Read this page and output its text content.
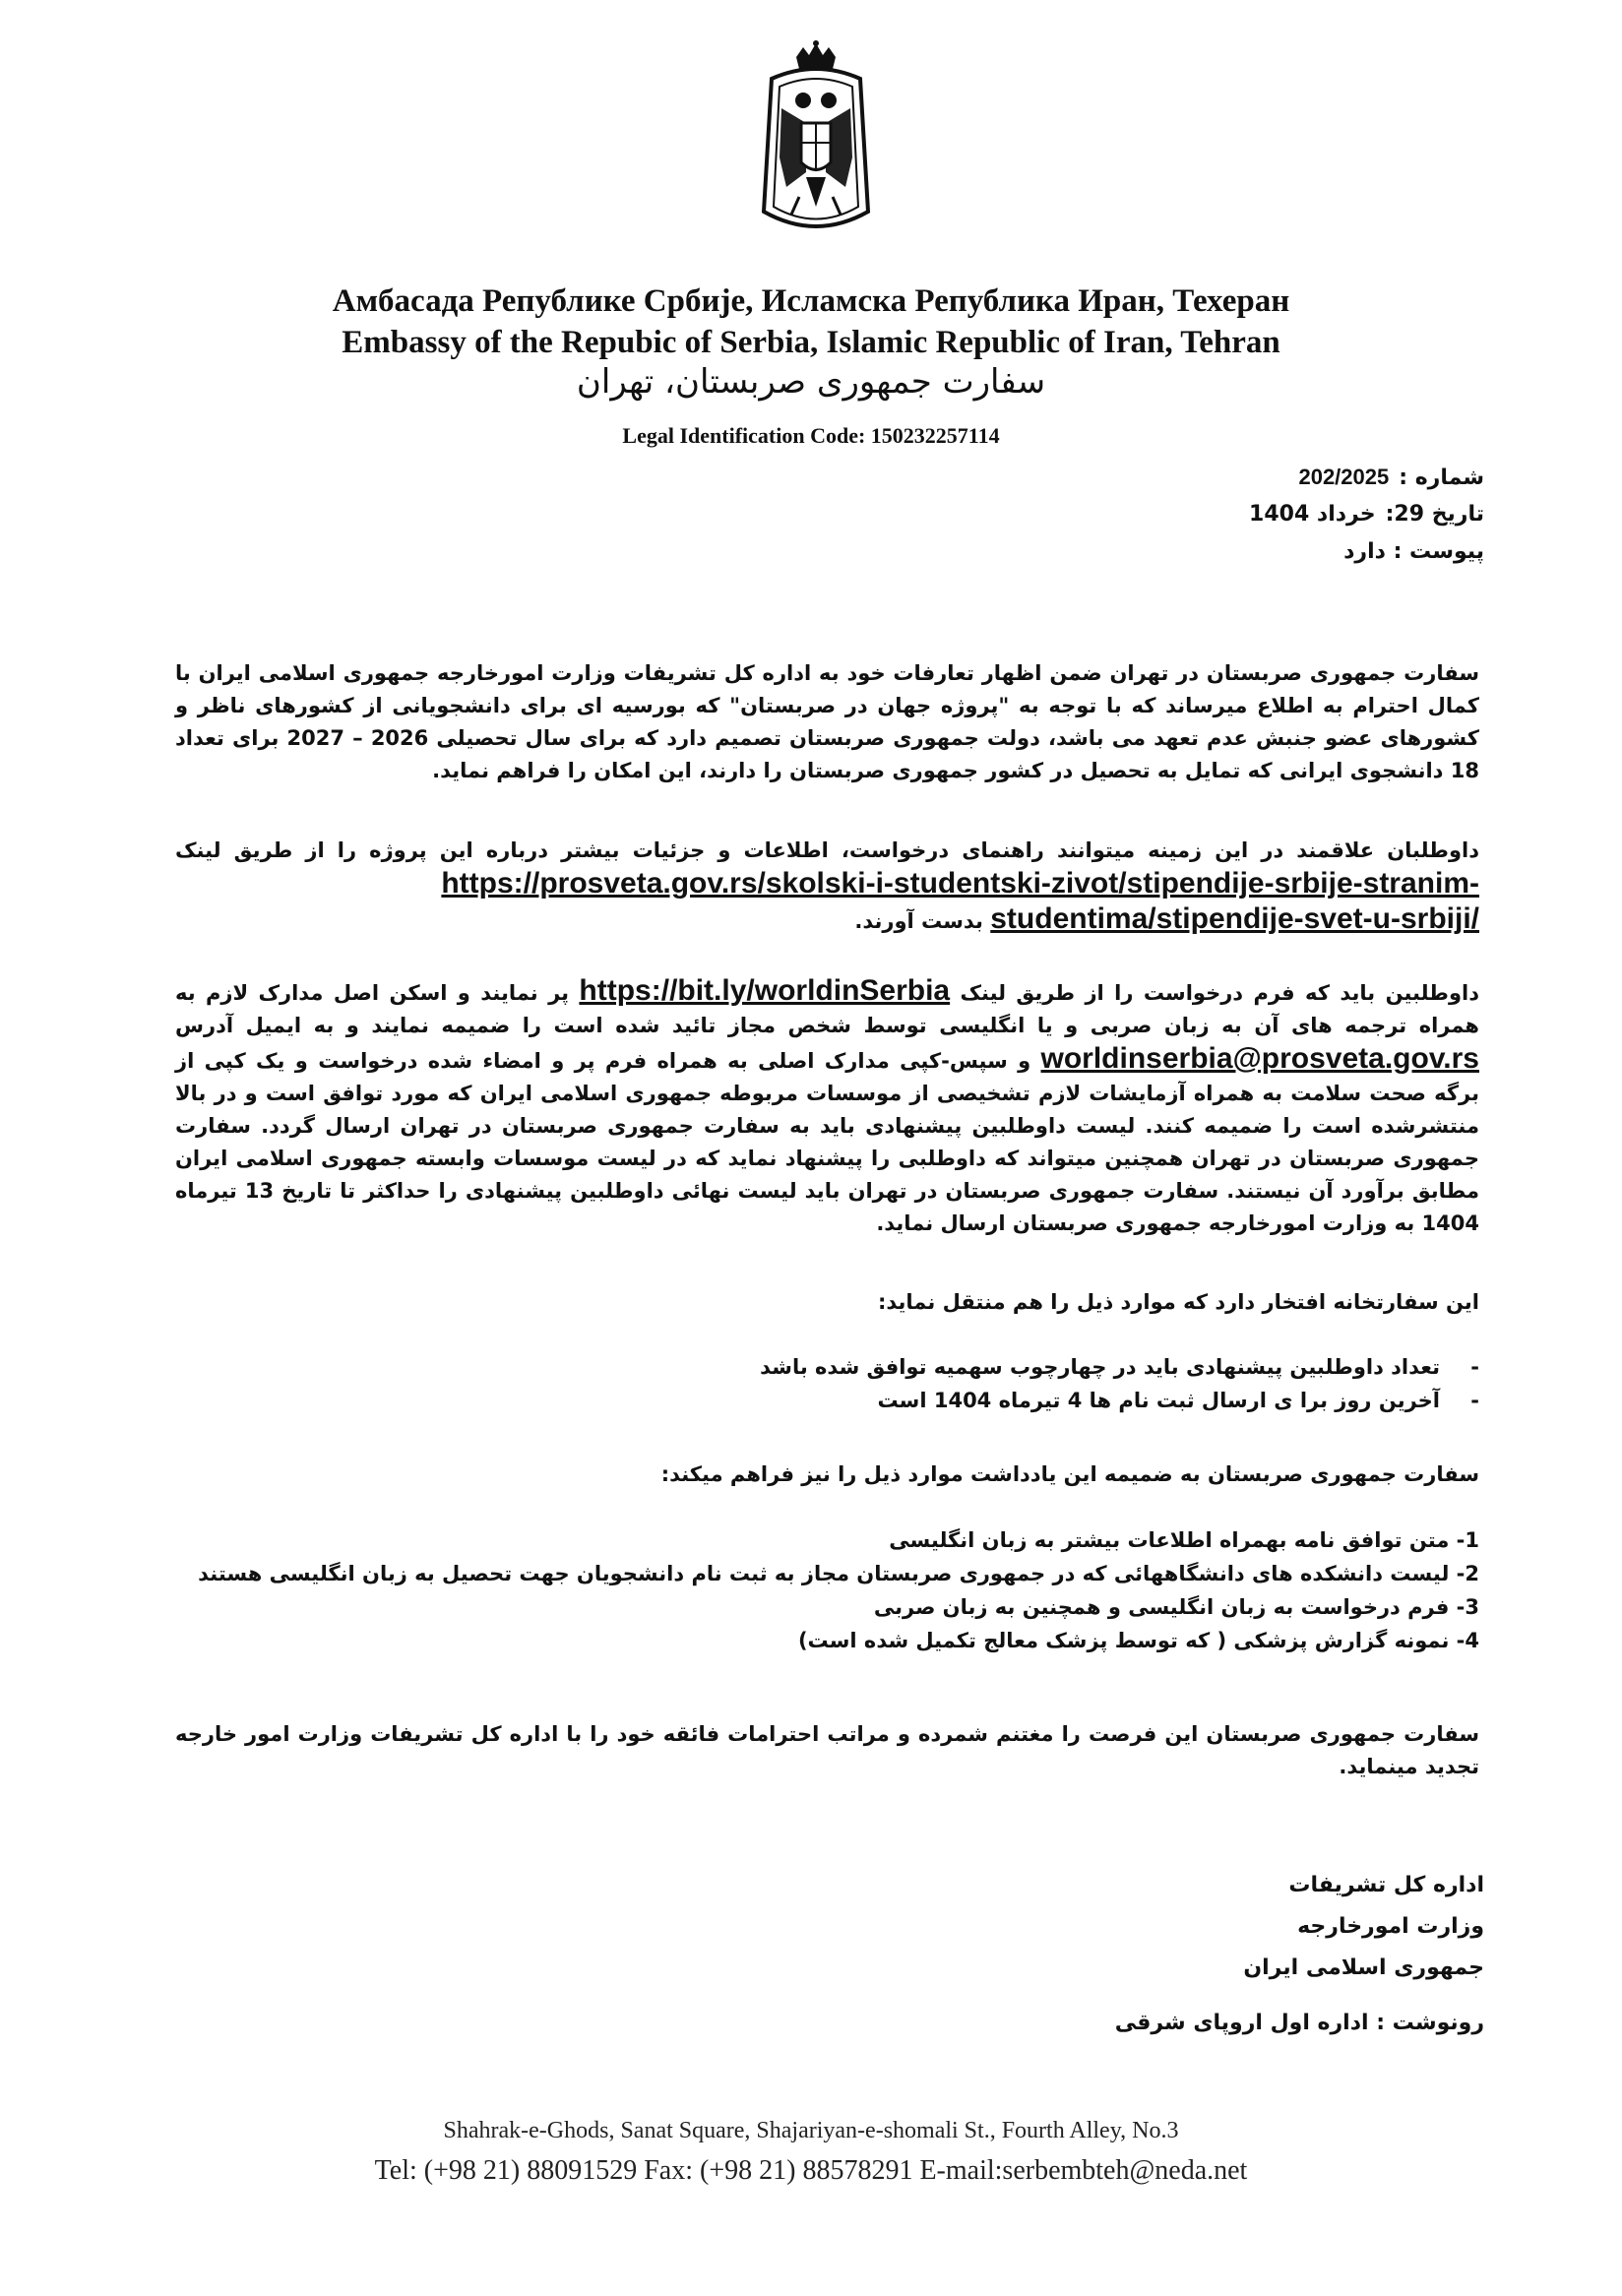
Амбасада Републике Србије, Исламска Република Иран, Техеран
Embassy of the Repubic of Serbia, Islamic Republic of Iran, Tehran
سفارت جمهوری صربستان، تهران
Legal Identification Code: 150232257114
شماره :202/2025
تاریخ 29:خرداد 1404
پیوست : دارد
سفارت جمهوری صربستان در تهران ضمن اظهار تعارفات خود به اداره کل تشریفات وزارت امورخارجه جمهوری اسلامی ایران با کمال احترام به اطلاع میرساند که با توجه به "پروژه جهان در صربستان" که بورسیه ای برای دانشجویانی از کشورهای ناظر و کشورهای عضو جنبش عدم تعهد می باشد، دولت جمهوری صربستان تصمیم دارد که برای سال تحصیلی 2026 – 2027 برای تعداد 18 دانشجوی ایرانی که تمایل به تحصیل در کشور جمهوری صربستان را دارند، این امکان را فراهم نماید.
داوطلبان علاقمند در این زمینه میتوانند راهنمای درخواست، اطلاعات و جزئیات بیشتر درباره این پروژه را از طریق لینک https://prosveta.gov.rs/skolski-i-studentski-zivot/stipendije-srbije-stranim-studentima/stipendije-svet-u-srbiji/ بدست آورند.
داوطلبین باید که فرم درخواست را از طریق لینک https://bit.ly/worldinSerbia پر نمایند و اسکن اصل مدارک لازم به همراه ترجمه های آن به زبان صربی و یا انگلیسی توسط شخص مجاز تائید شده است را ضمیمه نمایند و به ایمیل آدرس worldinserbia@prosveta.gov.rs و سپس-کپی مدارک اصلی به همراه فرم پر و امضاء شده درخواست و یک کپی از برگه صحت سلامت به همراه آزمایشات لازم تشخیصی از موسسات مربوطه جمهوری اسلامی ایران که مورد توافق است و در بالا منتشرشده است را ضمیمه کنند. لیست داوطلبین پیشنهادی باید به سفارت جمهوری صربستان در تهران ارسال گردد. سفارت جمهوری صربستان در تهران همچنین میتواند که داوطلبی را پیشنهاد نماید که در لیست موسسات وابسته جمهوری اسلامی ایران مطابق برآورد آن نیستند. سفارت جمهوری صربستان در تهران باید لیست نهائی داوطلبین پیشنهادی را حداکثر تا تاریخ 13 تیرماه 1404 به وزارت امورخارجه جمهوری صربستان ارسال نماید.
این سفارتخانه افتخار دارد که موارد ذیل را هم منتقل نماید:
-
تعداد داوطلبین پیشنهادی باید در چهارچوب سهمیه توافق شده باشد
-
آخرین روز برا ی ارسال ثبت نام ها 4 تیرماه 1404 است
سفارت جمهوری صربستان به ضمیمه این یادداشت موارد ذیل را نیز فراهم میکند:
1- متن توافق نامه بهمراه اطلاعات بیشتر به زبان انگلیسی
2- لیست دانشکده های دانشگاههائی که در جمهوری صربستان مجاز به ثبت نام دانشجویان جهت تحصیل به زبان انگلیسی هستند
3- فرم درخواست به زبان انگلیسی و همچنین به زبان صربی
4- نمونه گزارش پزشکی ( که توسط پزشک معالج تکمیل شده است)
سفارت جمهوری صربستان این فرصت را مغتنم شمرده و مراتب احترامات فائقه خود را با اداره کل تشریفات وزارت امور خارجه تجدید مینماید.
اداره کل تشریفات
وزارت امورخارجه
جمهوری اسلامی ایران
رونوشت : اداره اول اروپای شرقی
Shahrak-e-Ghods, Sanat Square, Shajariyan-e-shomali St., Fourth Alley, No.3
Tel: (+98 21) 88091529 Fax: (+98 21) 88578291 E-mail:serbembteh@neda.net
